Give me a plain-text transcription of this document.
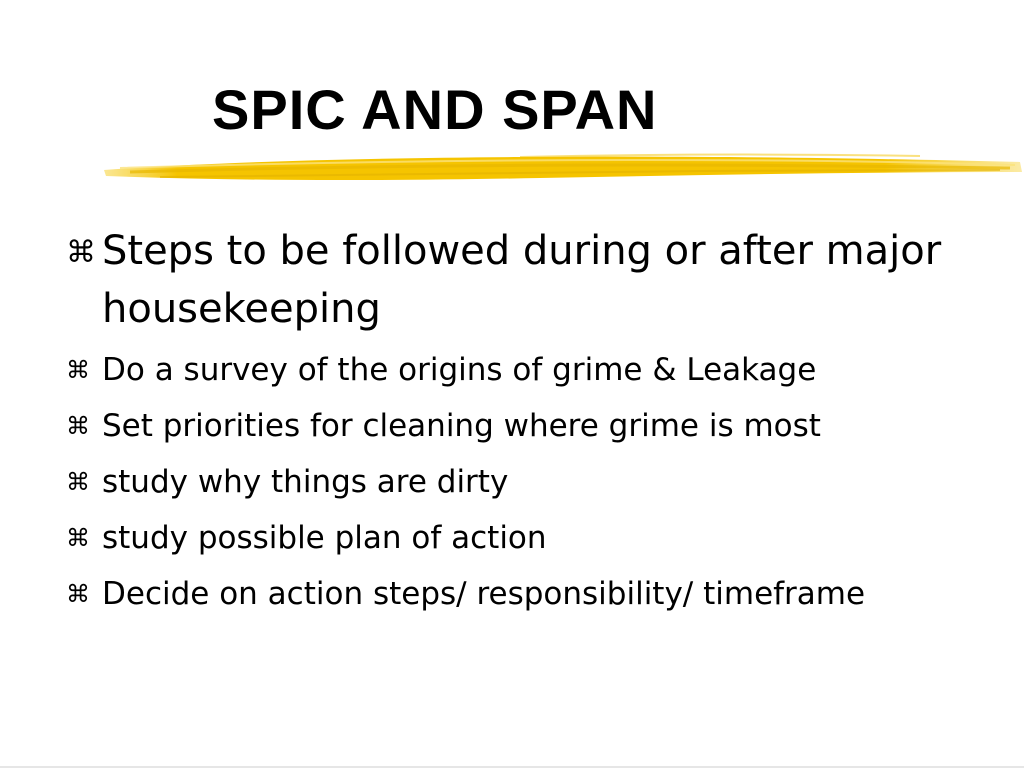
SPIC AND SPAN
⌘ Steps to be followed during or after major housekeeping
⌘ Do a survey of the origins of grime & Leakage
⌘ Set priorities for cleaning where grime is most
⌘ study why things are dirty
⌘ study possible plan of action
⌘ Decide on action steps/ responsibility/ timeframe
